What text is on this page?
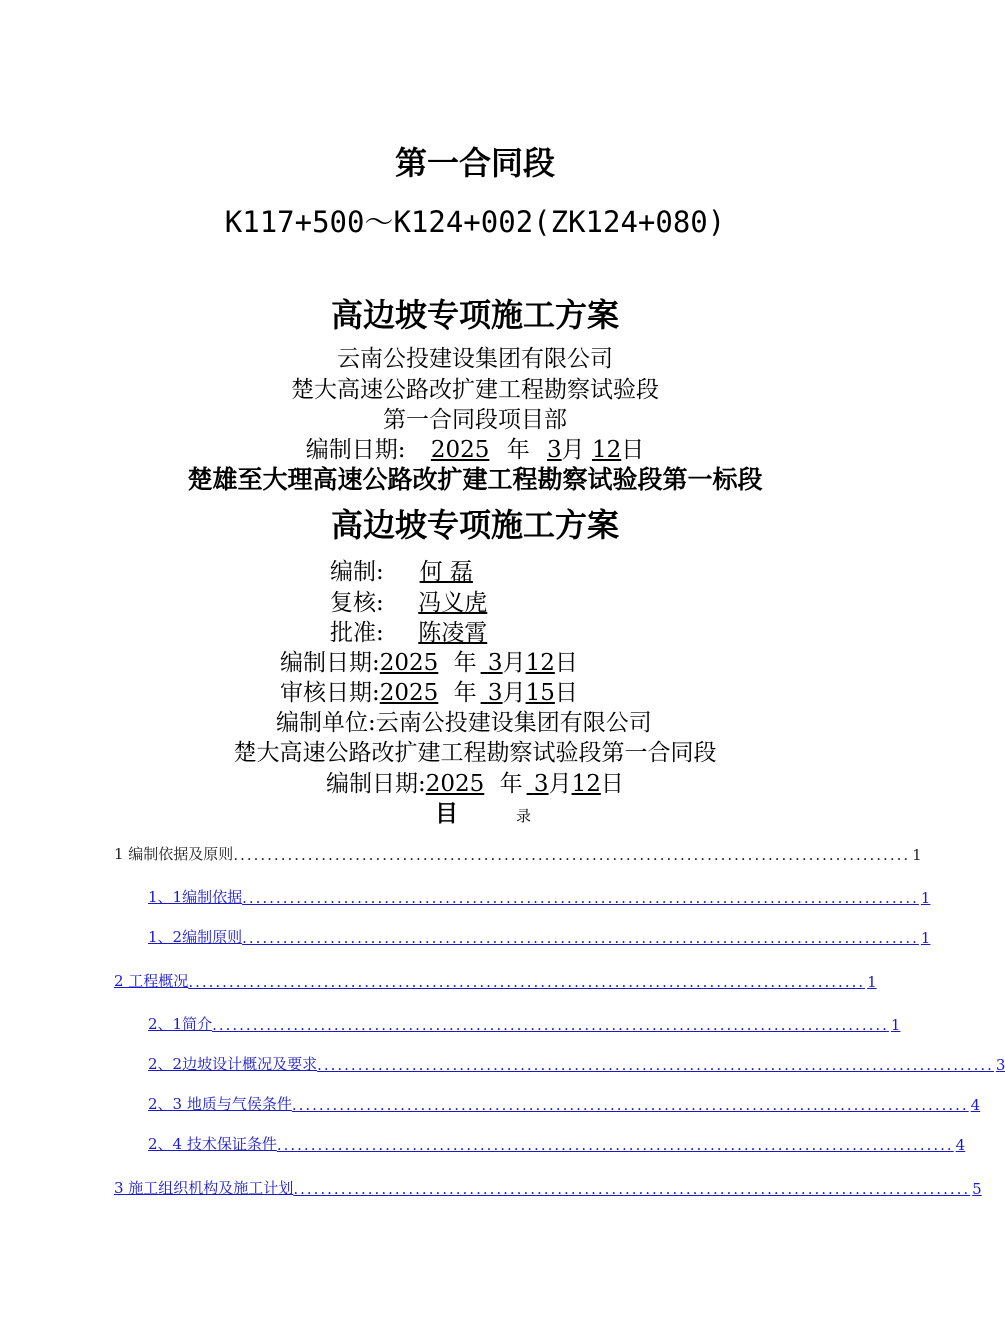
第一合同段
K117+500～K124+002(ZK124+080)
高边坡专项施工方案
云南公投建设集团有限公司
楚大高速公路改扩建工程勘察试验段
第一合同段项目部
编制日期: 2025 年 3月 12日
楚雄至大理高速公路改扩建工程勘察试验段第一标段
高边坡专项施工方案
编制: 何 磊
复核: 冯义虎
批准: 陈凌霄
编制日期:2025 年 3月12日
审核日期:2025 年 3月15日
编制单位:云南公投建设集团有限公司
楚大高速公路改扩建工程勘察试验段第一合同段
编制日期:2025 年 3月12日
目	录
1 编制依据及原则 .................................................................................................... 1
1、1编制依据 .................................................................................................... 1
1、2编制原则 .................................................................................................... 1
2 工程概况 .................................................................................................... 1
2、1简介 .................................................................................................... 1
2、2边坡设计概况及要求 .................................................................................................... 3
2、3 地质与气侯条件 .................................................................................................... 4
2、4 技术保证条件 .................................................................................................... 4
3 施工组织机构及施工计划 .................................................................................................... 5
